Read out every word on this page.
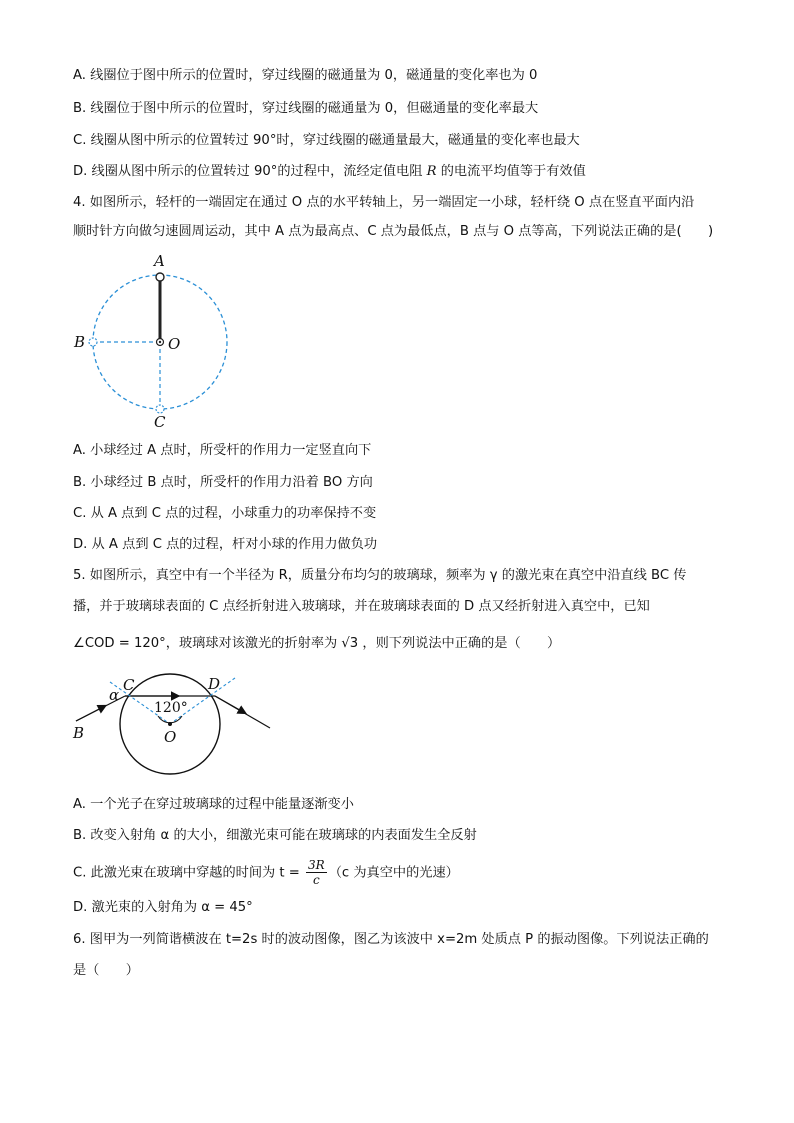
A. 线圈位于图中所示的位置时，穿过线圈的磁通量为 0，磁通量的变化率也为 0
B. 线圈位于图中所示的位置时，穿过线圈的磁通量为 0，但磁通量的变化率最大
C. 线圈从图中所示的位置转过 90°时，穿过线圈的磁通量最大，磁通量的变化率也最大
D. 线圈从图中所示的位置转过 90°的过程中，流经定值电阻 R 的电流平均值等于有效值
4. 如图所示，轻杆的一端固定在通过 O 点的水平转轴上，另一端固定一小球，轻杆绕 O 点在竖直平面内沿
顺时针方向做匀速圆周运动，其中 A 点为最高点、C 点为最低点，B 点与 O 点等高，下列说法正确的是(　　)
A
B	O
C
A. 小球经过 A 点时，所受杆的作用力一定竖直向下
B. 小球经过 B 点时，所受杆的作用力沿着 BO 方向
C. 从 A 点到 C 点的过程，小球重力的功率保持不变
D. 从 A 点到 C 点的过程，杆对小球的作用力做负功
5. 如图所示，真空中有一个半径为 R，质量分布均匀的玻璃球，频率为 γ 的激光束在真空中沿直线 BC 传
播，并于玻璃球表面的 C 点经折射进入玻璃球，并在玻璃球表面的 D 点又经折射进入真空中，已知
∠COD = 120°，玻璃球对该激光的折射率为 √3 ，则下列说法中正确的是（　　）
α
C	D
B	O
120°
A. 一个光子在穿过玻璃球的过程中能量逐渐变小
B. 改变入射角 α 的大小，细激光束可能在玻璃球的内表面发生全反射
C. 此激光束在玻璃中穿越的时间为 $t = \frac{3R}{c} (c$ 为真空中的光速）
D. 激光束的入射角为 α = 45°
6. 图甲为一列简谐横波在 t=2s 时的波动图像，图乙为该波中 x=2m 处质点 P 的振动图像。下列说法正确的
是（　　）
